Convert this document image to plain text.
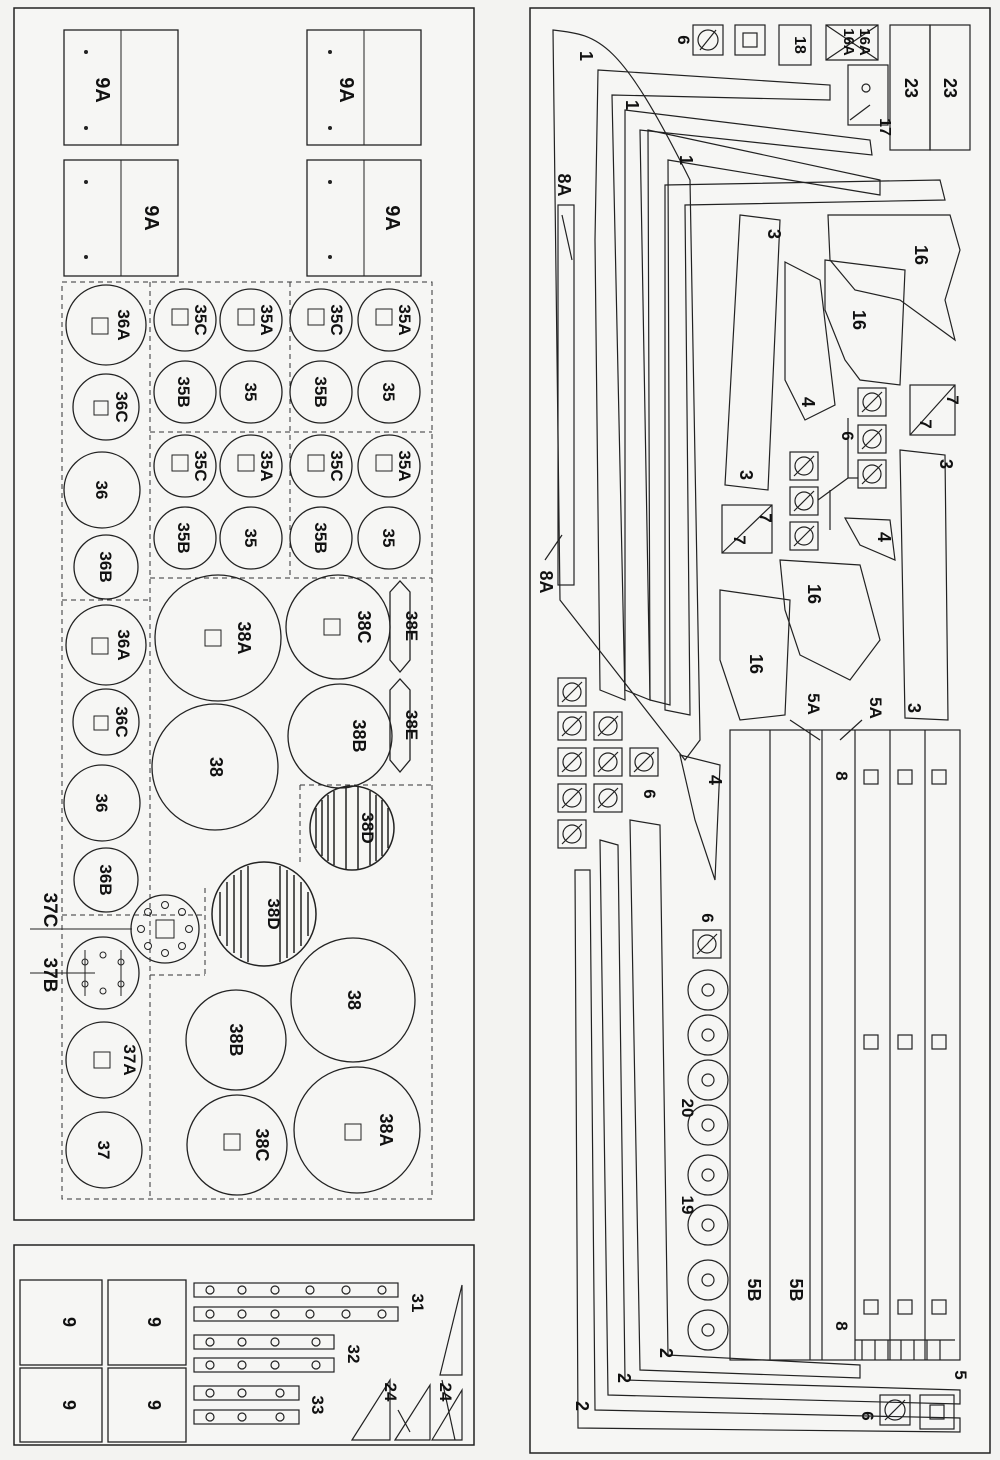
9A	9A
9A	9A
35C	35A	35C	35A
35B	35	35B	35
35C	35A	35C	35A
35B	35	35B	35
36A
36C
36
36B
36A
36C
36
36B
37C
37B
37A
37
38A
38
38C
38B
38E
38E
38D
38D
38
38B
38C	38A
9	9
9	9
31
32
33
24 24
6	18 16A 16A
23 23
17
1
1
1
8A
8A
16
16
16
16
3
3
3
3
4
4
4
7
7
7
7
6
6
6
6
5A	5A
8
8
5B
5B
5
20
19
2
2
2
